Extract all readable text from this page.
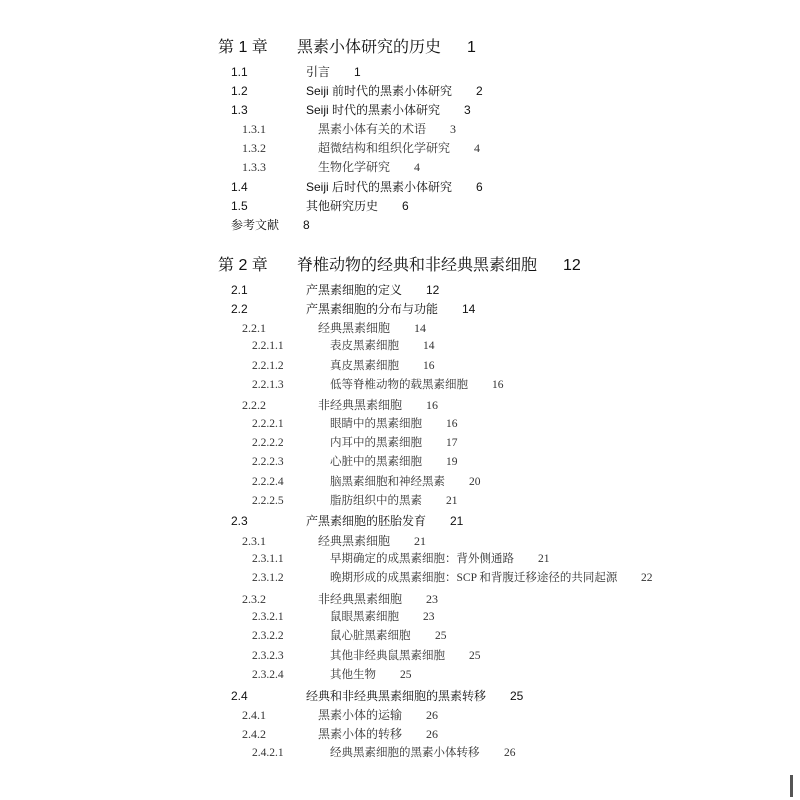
第 1 章 黑素小体研究的历史 1
1.1	引言 1
1.2	Seiji 前时代的黑素小体研究 2
1.3	Seiji 时代的黑素小体研究 3
1.3.1	黑素小体有关的术语 3
1.3.2	超微结构和组织化学研究 4
1.3.3	生物化学研究 4
1.4	Seiji 后时代的黑素小体研究 6
1.5	其他研究历史 6
参考文献 8
第 2 章 脊椎动物的经典和非经典黑素细胞 12
2.1	产黑素细胞的定义 12
2.2	产黑素细胞的分布与功能 14
2.2.1	经典黑素细胞 14
2.2.1.1	表皮黑素细胞 14
2.2.1.2	真皮黑素细胞 16
2.2.1.3	低等脊椎动物的载黑素细胞 16
2.2.2	非经典黑素细胞 16
2.2.2.1	眼睛中的黑素细胞 16
2.2.2.2	内耳中的黑素细胞 17
2.2.2.3	心脏中的黑素细胞 19
2.2.2.4	脑黑素细胞和神经黑素 20
2.2.2.5	脂肪组织中的黑素 21
2.3	产黑素细胞的胚胎发育 21
2.3.1	经典黑素细胞 21
2.3.1.1	早期确定的成黑素细胞：背外侧通路 21
2.3.1.2	晚期形成的成黑素细胞：SCP 和背腹迁移途径的共同起源 22
2.3.2	非经典黑素细胞 23
2.3.2.1	鼠眼黑素细胞 23
2.3.2.2	鼠心脏黑素细胞 25
2.3.2.3	其他非经典鼠黑素细胞 25
2.3.2.4	其他生物 25
2.4	经典和非经典黑素细胞的黑素转移 25
2.4.1	黑素小体的运输 26
2.4.2	黑素小体的转移 26
2.4.2.1	经典黑素细胞的黑素小体转移 26
